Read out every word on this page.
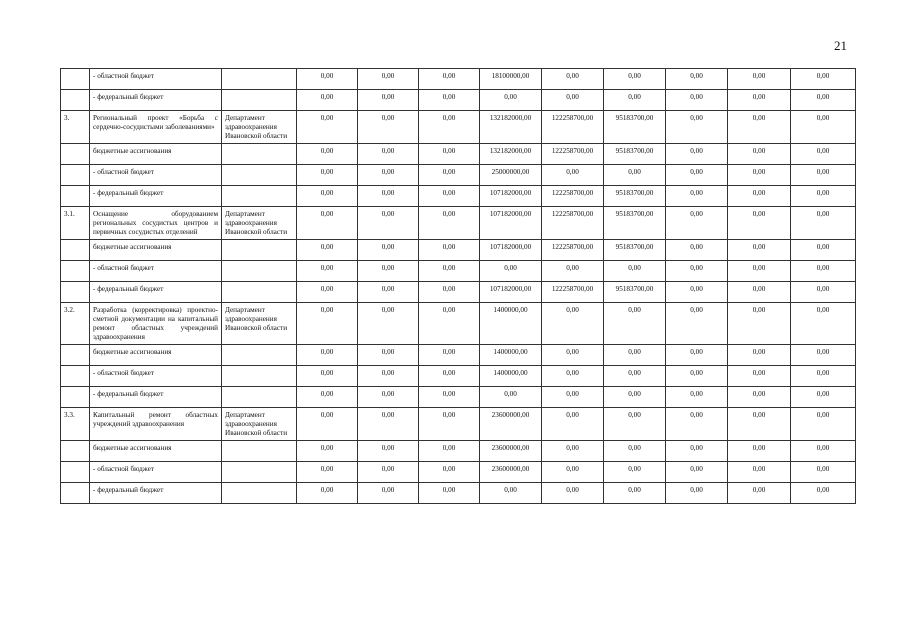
21
	- областной бюджет		0,00	0,00	0,00	18100000,00	0,00	0,00	0,00	0,00	0,00
	- федеральный бюджет		0,00	0,00	0,00	0,00	0,00	0,00	0,00	0,00	0,00
3.	Региональный проект «Борьба с сердечно-сосудистыми заболеваниями»	Департамент здравоохранения Ивановской области	0,00	0,00	0,00	132182000,00	122258700,00	95183700,00	0,00	0,00	0,00
	бюджетные ассигнования		0,00	0,00	0,00	132182000,00	122258700,00	95183700,00	0,00	0,00	0,00
	- областной бюджет		0,00	0,00	0,00	25000000,00	0,00	0,00	0,00	0,00	0,00
	- федеральный бюджет		0,00	0,00	0,00	107182000,00	122258700,00	95183700,00	0,00	0,00	0,00
3.1.	Оснащение оборудованием региональных сосудистых центров и первичных сосудистых отделений	Департамент здравоохранения Ивановской области	0,00	0,00	0,00	107182000,00	122258700,00	95183700,00	0,00	0,00	0,00
	бюджетные ассигнования		0,00	0,00	0,00	107182000,00	122258700,00	95183700,00	0,00	0,00	0,00
	- областной бюджет		0,00	0,00	0,00	0,00	0,00	0,00	0,00	0,00	0,00
	- федеральный бюджет		0,00	0,00	0,00	107182000,00	122258700,00	95183700,00	0,00	0,00	0,00
3.2.	Разработка (корректировка) проектно-сметной документации на капитальный ремонт областных учреждений здравоохранения	Департамент здравоохранения Ивановской области	0,00	0,00	0,00	1400000,00	0,00	0,00	0,00	0,00	0,00
	бюджетные ассигнования		0,00	0,00	0,00	1400000,00	0,00	0,00	0,00	0,00	0,00
	- областной бюджет		0,00	0,00	0,00	1400000,00	0,00	0,00	0,00	0,00	0,00
	- федеральный бюджет		0,00	0,00	0,00	0,00	0,00	0,00	0,00	0,00	0,00
3.3.	Капитальный ремонт областных учреждений здравоохранения	Департамент здравоохранения Ивановской области	0,00	0,00	0,00	23600000,00	0,00	0,00	0,00	0,00	0,00
	бюджетные ассигнования		0,00	0,00	0,00	23600000,00	0,00	0,00	0,00	0,00	0,00
	- областной бюджет		0,00	0,00	0,00	23600000,00	0,00	0,00	0,00	0,00	0,00
	- федеральный бюджет		0,00	0,00	0,00	0,00	0,00	0,00	0,00	0,00	0,00
